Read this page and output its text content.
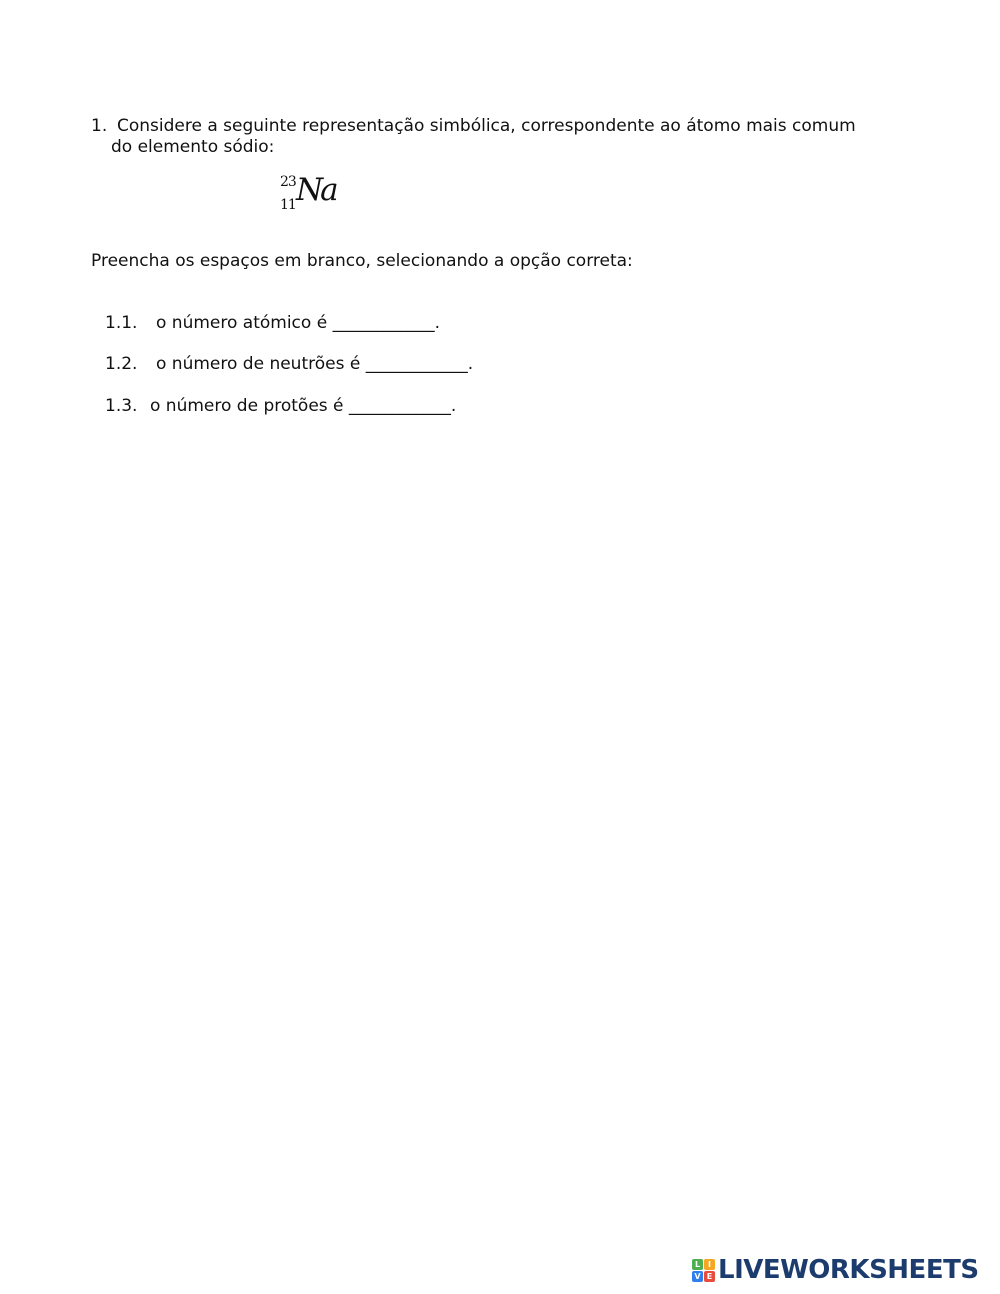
1. Considere a seguinte representação simbólica, correspondente ao átomo mais comum
do elemento sódio:
23
11 Na
Preencha os espaços em branco, selecionando a opção correta:
1.1. o número atómico é ____________.
1.2. o número de neutrões é ____________.
1.3. o número de protões é ____________.
L I
V E LIVEWORKSHEETS
